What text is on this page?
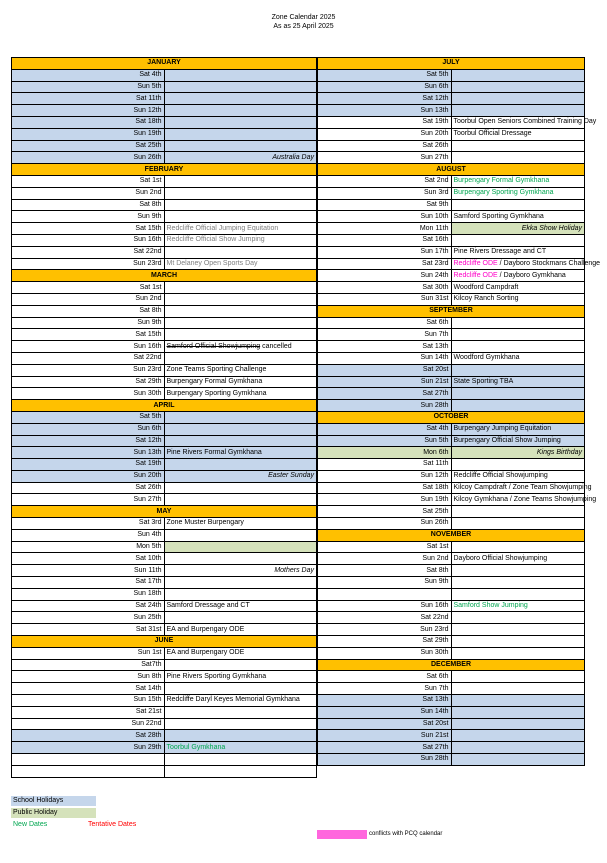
Zone Calendar 2025
As as 25 April 2025
JANUARY	
Sat 4th	
Sun 5th	
Sat 11th	
Sun 12th	
Sat 18th	
Sun 19th	
Sat 25th	
Sun 26th	Australia Day

FEBRUARY	
Sat 1st	
Sun 2nd	
Sat 8th	
Sun 9th	
Sat 15th	Redcliffe Official Jumping Equitation
Sun 16th	Redcliffe Official Show Jumping
Sat 22nd	
Sun 23rd	Mt Delaney Open Sports Day
MARCH	
Sat 1st	
Sun 2nd	
Sat 8th	
Sun 9th	
Sat 15th	
Sun 16th	Samford Official Showjumping cancelled
Sat 22nd	
Sun 23rd	Zone Teams Sporting Challenge
Sat 29th	Burpengary Formal Gymkhana
Sun 30th	Burpengary Sporting Gymkhana
APRIL	
Sat 5th	
Sun 6th	
Sat 12th	
Sun 13th	Pine Rivers Formal Gymkhana
Sat 19th	
Sun 20th	Easter Sunday

Sat 26th	
Sun 27th	
MAY	
Sat 3rd	Zone Muster Burpengary
Sun 4th	
Mon 5th	
Sat 10th	
Sun 11th	Mothers Day

Sat 17th	
Sun 18th	
Sat 24th	Samford Dressage and CT
Sun 25th	
Sat 31st	EA and Burpengary ODE
JUNE	
Sun 1st	EA and Burpengary ODE
Sat7th	
Sun 8th	Pine Rivers Sporting Gymkhana
Sat 14th	
Sun 15th	Redcliffe Daryl Keyes Memorial Gymkhana
Sat 21st	
Sun 22nd	
Sat 28th	
Sun 29th	Toorbul Gymkhana

JULY	
Sat 5th	
Sun 6th	
Sat 12th	
Sun 13th	
Sat 19th	Toorbul Open Seniors Combined Training Day
Sun 20th	Toorbul Official Dressage
Sat 26th	
Sun 27th	
AUGUST	
Sat 2nd	Burpengary Formal Gymkhana
Sun 3rd	Burpengary Sporting Gymkhana
Sat 9th	
Sun 10th	Samford Sporting Gymkhana
Mon 11th	Ekka Show Holiday

Sat 16th	
Sun 17th	Pine Rivers Dressage and CT
Sat 23rd	Redcliffe ODE / Dayboro Stockmans Challenge
Sun 24th	Redcliffe ODE / Dayboro Gymkhana
Sat 30th	Woodford Campdraft
Sun 31st	Kilcoy Ranch Sorting
SEPTEMBER	
Sat 6th	
Sun 7th	
Sat 13th	
Sun 14th	Woodford Gymkhana
Sat 20st	
Sun 21st	State Sporting TBA
Sat 27th	
Sun 28th	
OCTOBER	
Sat 4th	Burpengary Jumping Equitation
Sun 5th	Burpengary Official Show Jumping
Mon 6th	Kings Birthday

Sat 11th	
Sun 12th	Redcliffe Official Showjumping
Sat 18th	Kilcoy Campdraft / Zone Team Showjumping
Sun 19th	Kilcoy Gymkhana / Zone Teams Showjumping
Sat 25th	
Sun 26th	
NOVEMBER	
Sat 1st	
Sun 2nd	Dayboro Official Showjumping
Sat 8th	
Sun 9th	

Sun 16th	Samford Show Jumping
Sat 22nd	
Sun 23rd	
Sat 29th	
Sun 30th	
DECEMBER	
Sat 6th	
Sun 7th	
Sat 13th	
Sun 14th	
Sat 20st	
Sun 21st	
Sat 27th	
Sun 28th	
School Holidays
Public Holiday
New Dates	Tentative Dates
conflicts with PCQ calendar
